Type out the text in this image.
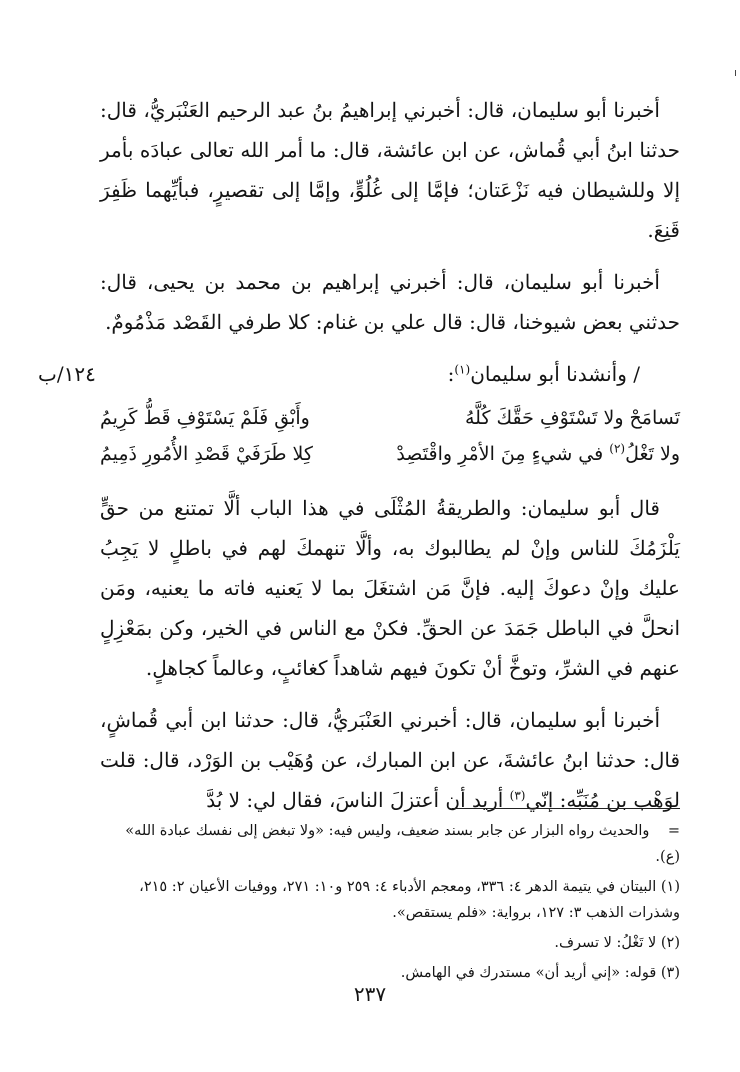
أخبرنا أبو سليمان، قال: أخبرني إبراهيمُ بنُ عبد الرحيم العَنْبَريُّ، قال: حدثنا ابنُ أبي قُماش، عن ابن عائشة، قال: ما أمر الله تعالى عبادَه بأمر إلا وللشيطان فيه نَزْعَتان؛ فإمَّا إلى غُلُوٍّ، وإمَّا إلى تقصيرٍ، فبأيِّهما ظَفِرَ قَنِعَ.

أخبرنا أبو سليمان، قال: أخبرني إبراهيم بن محمد بن يحيى، قال: حدثني بعض شيوخنا، قال: قال علي بن غنام: كلا طرفي القَصْد مَذْمُومٌ.

/ وأنشدنا أبو سليمان$^{(١)}$:
١٢٤/ب
تَسامَحْ ولا تَسْتَوْفِ حَقَّكَ كُلَّهُ
وأَبْقِ فَلَمْ يَسْتَوْفِ قَطُّ كَرِيمُ
ولا تَغْلُ$^{(٢)}$ في شيءٍ مِنَ الأمْرِ واقْتَصِدْ
كِلا طَرَفَيْ قَصْدِ الأُمُورِ ذَمِيمُ

قال أبو سليمان: والطريقةُ المُثْلَى في هذا الباب ألَّا تمتنع من حقٍّ يَلْزَمُكَ للناس وإنْ لم يطالبوك به، وألَّا تنهمكَ لهم في باطلٍ لا يَجِبُ عليك وإنْ دعوكَ إليه. فإنَّ مَن اشتغَلَ بما لا يَعنيه فاته ما يعنيه، ومَن انحلَّ في الباطل جَمَدَ عن الحقِّ. فكنْ مع الناس في الخير، وكن بمَعْزِلٍ عنهم في الشرِّ، وتوخَّ أنْ تكونَ فيهم شاهداً كغائبٍ، وعالماً كجاهلٍ.

أخبرنا أبو سليمان، قال: أخبرني العَنْبَريُّ، قال: حدثنا ابن أبي قُماشٍ، قال: حدثنا ابنُ عائشةَ، عن ابن المبارك، عن وُهَيْب بن الوَرْد، قال: قلت لوَهْب بن مُنَبِّه: إنّي$^{(٣)}$ أريد أن أعتزلَ الناسَ، فقال لي: لا بُدَّ

=    والحديث رواه البزار عن جابر بسند ضعيف، وليس فيه: «ولا تبغض إلى نفسك عبادة الله» (ع).

(١) البيتان في يتيمة الدهر ٤: ٣٣٦، ومعجم الأدباء ٤: ٢٥٩ و١٠: ٢٧١، ووفيات الأعيان ٢: ٢١٥، وشذرات الذهب ٣: ١٢٧، برواية: «فلم يستقص».

(٢) لا تَغْلُ: لا تسرف.

(٣) قوله: «إني أريد أن» مستدرك في الهامش.

٢٣٧
